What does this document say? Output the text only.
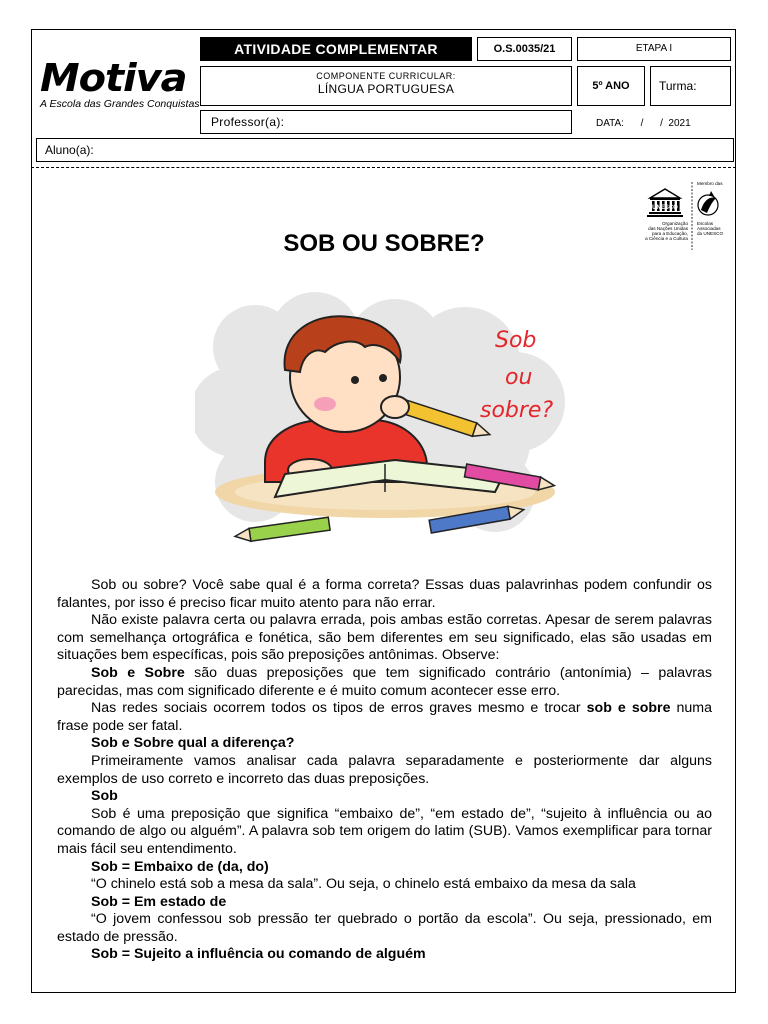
Motiva
A Escola das Grandes Conquistas
ATIVIDADE COMPLEMENTAR	O.S.0035/21	ETAPA I
COMPONENTE CURRICULAR:
LÍNGUA PORTUGUESA	5º ANO	Turma:
Professor(a):	DATA:      /      /  2021
Aluno(a):
UNESCO
Organização
das Nações Unidas
para a Educação,
a Ciência e a Cultura
Membro das
Escolas
Associadas
da UNESCO
SOB OU SOBRE?
Sob
ou
sobre?

Sob ou sobre? Você sabe qual é a forma correta? Essas duas palavrinhas podem confundir os falantes, por isso é preciso ficar muito atento para não errar.

Não existe palavra certa ou palavra errada, pois ambas estão corretas. Apesar de serem palavras com semelhança ortográfica e fonética, são bem diferentes em seu significado, elas são usadas em situações bem específicas, pois são preposições antônimas. Observe:

Sob e Sobre são duas preposições que tem significado contrário (antonímia) – palavras parecidas, mas com significado diferente e é muito comum acontecer esse erro.

Nas redes sociais ocorrem todos os tipos de erros graves mesmo e trocar sob e sobre numa frase pode ser fatal.

Sob e Sobre qual a diferença?

Primeiramente vamos analisar cada palavra separadamente e posteriormente dar alguns exemplos de uso correto e incorreto das duas preposições.

Sob

Sob é uma preposição que significa “embaixo de”, “em estado de”, “sujeito à influência ou ao comando de algo ou alguém”. A palavra sob tem origem do latim (SUB). Vamos exemplificar para tornar mais fácil seu entendimento.

Sob = Embaixo de (da, do)

“O chinelo está sob a mesa da sala”. Ou seja, o chinelo está embaixo da mesa da sala

Sob = Em estado de

“O jovem confessou sob pressão ter quebrado o portão da escola”. Ou seja, pressionado, em estado de pressão.

Sob = Sujeito a influência ou comando de alguém
